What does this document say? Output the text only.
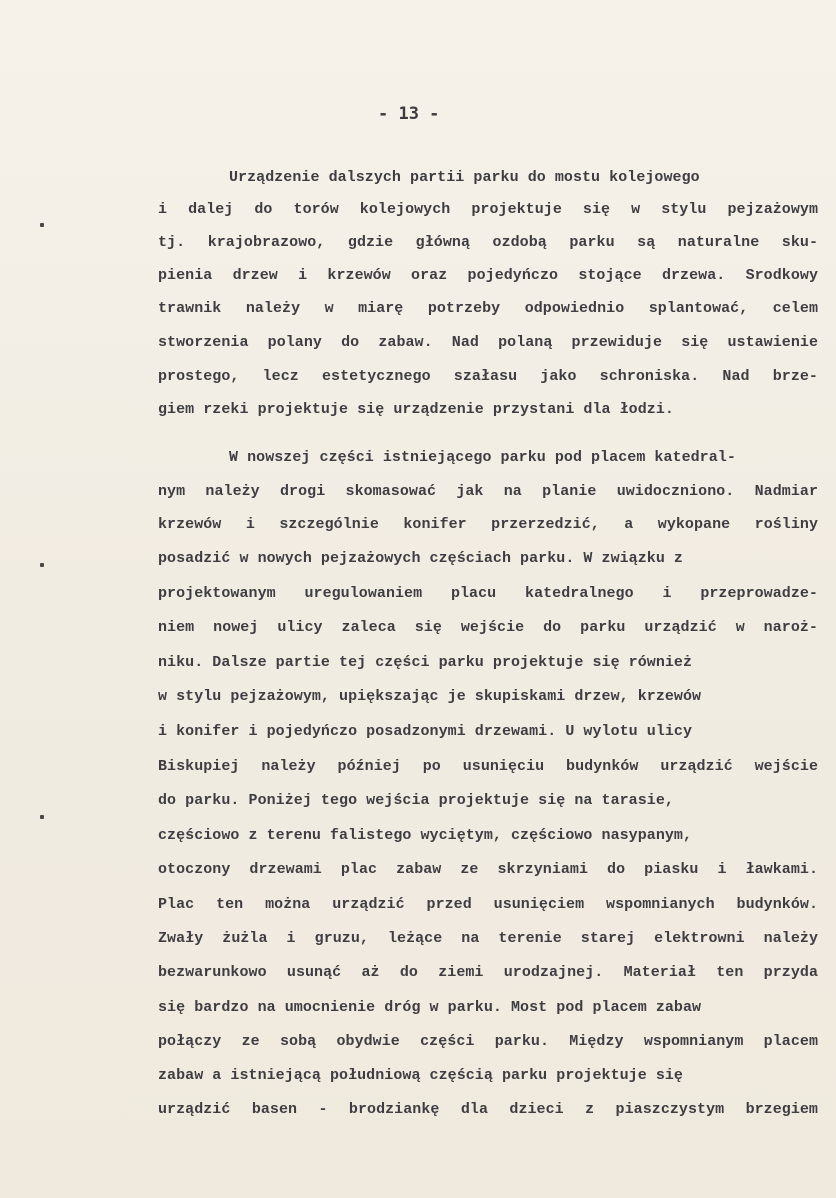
- 13 -
Urządzenie dalszych partii parku do mostu kolejowego
i dalej do torów kolejowych projektuje się w stylu pejzażowym
tj. krajobrazowo, gdzie główną ozdobą parku są naturalne sku-
pienia drzew i krzewów oraz pojedyńczo stojące drzewa. Srodkowy
trawnik należy w miarę potrzeby odpowiednio splantować, celem
stworzenia polany do zabaw. Nad polaną przewiduje się ustawienie
prostego, lecz estetycznego szałasu jako schroniska. Nad brze-
giem rzeki projektuje się urządzenie przystani dla łodzi.
W nowszej części istniejącego parku pod placem katedral-
nym należy drogi skomasować jak na planie uwidoczniono. Nadmiar
krzewów i szczególnie konifer przerzedzić, a wykopane rośliny
posadzić w nowych pejzażowych częściach parku. W związku z
projektowanym uregulowaniem placu katedralnego i przeprowadze-
niem nowej ulicy zaleca się wejście do parku urządzić w naroż-
niku. Dalsze partie tej części parku projektuje się również
w stylu pejzażowym, upiększając je skupiskami drzew, krzewów
i konifer i pojedyńczo posadzonymi drzewami. U wylotu ulicy
Biskupiej należy później po usunięciu budynków urządzić wejście
do parku. Poniżej tego wejścia projektuje się na tarasie,
częściowo z terenu falistego wyciętym, częściowo nasypanym,
otoczony drzewami plac zabaw ze skrzyniami do piasku i ławkami.
Plac ten można urządzić przed usunięciem wspomnianych budynków.
Zwały żużla i gruzu, leżące na terenie starej elektrowni należy
bezwarunkowo usunąć aż do ziemi urodzajnej. Materiał ten przyda
się bardzo na umocnienie dróg w parku. Most pod placem zabaw
połączy ze sobą obydwie części parku. Między wspomnianym placem
zabaw a istniejącą południową częścią parku projektuje się
urządzić basen - brodziankę dla dzieci z piaszczystym brzegiem
